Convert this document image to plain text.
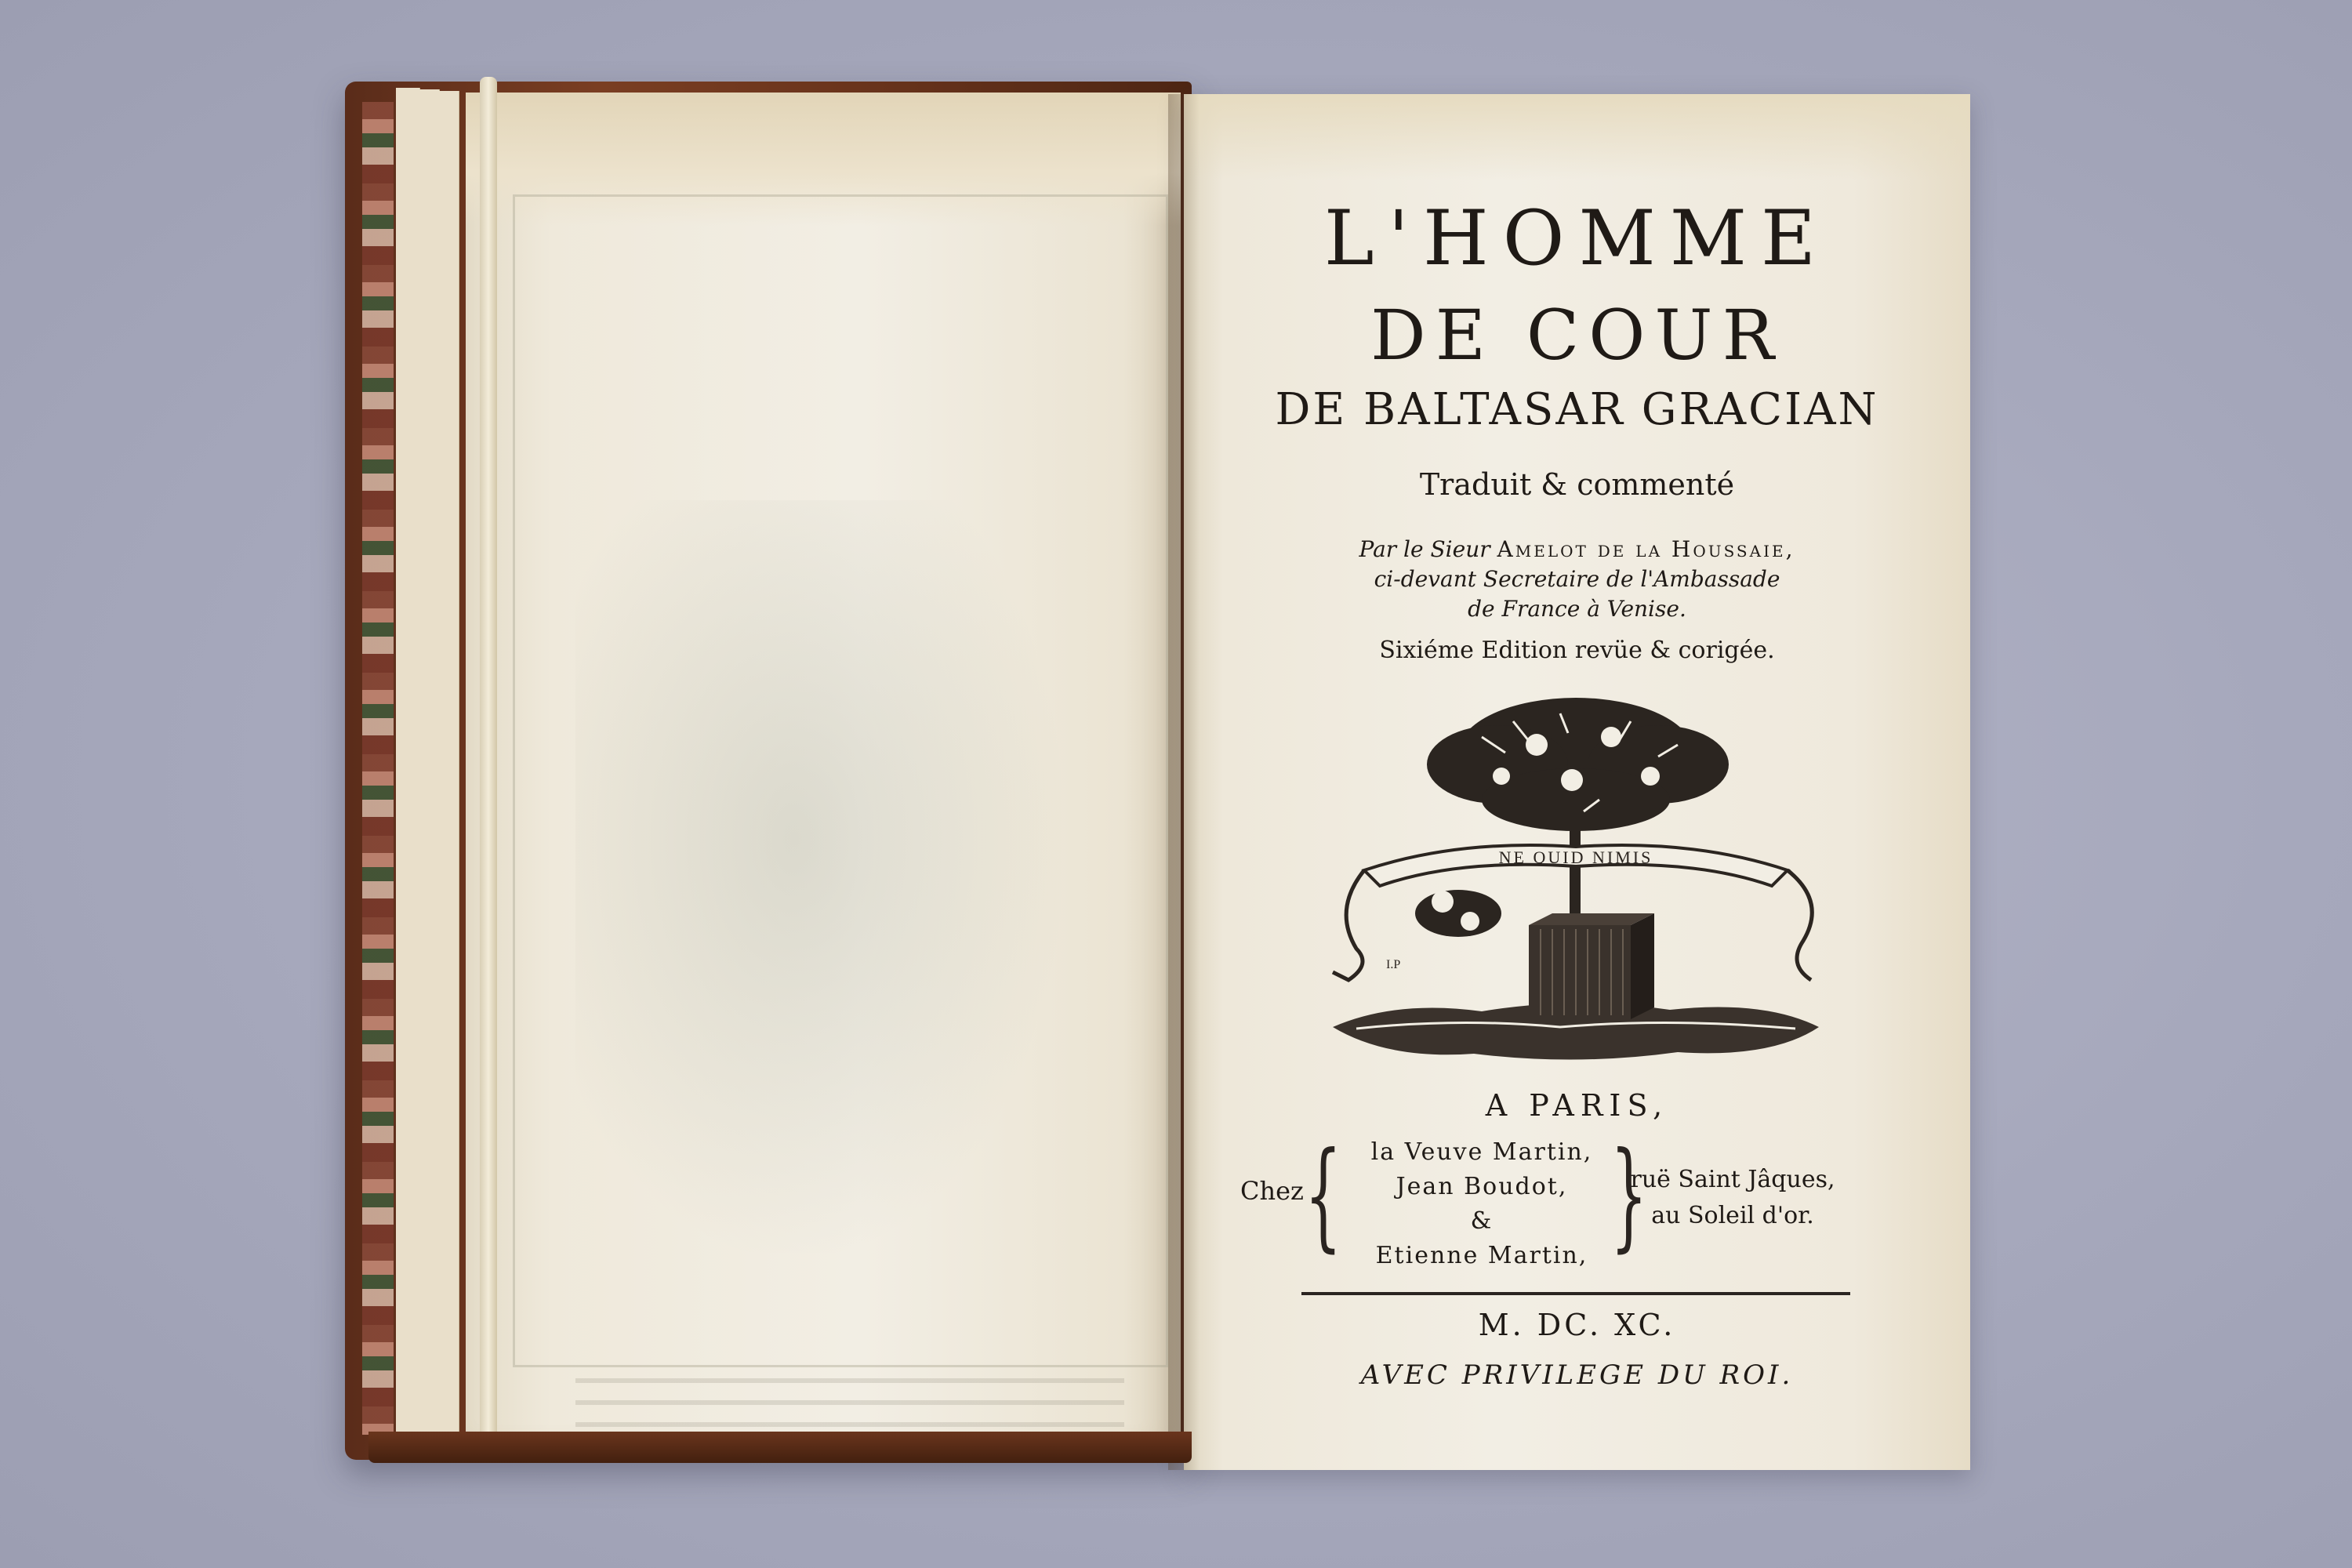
L'HOMME
DE COUR
DE BALTASAR GRACIAN
Traduit & commenté
Par le Sieur Amelot de la Houssaie,
ci-devant Secretaire de l'Ambassade
de France à Venise.
Sixiéme Edition revüe & corigée.
NE QUID NIMIS
I.P
A PARIS,
Chez {	la Veuve Martin,
Jean Boudot,
&
Etienne Martin, }
ruë Saint Jâques,
au Soleil d'or.
M. DC. XC.
AVEC PRIVILEGE DU ROI.
